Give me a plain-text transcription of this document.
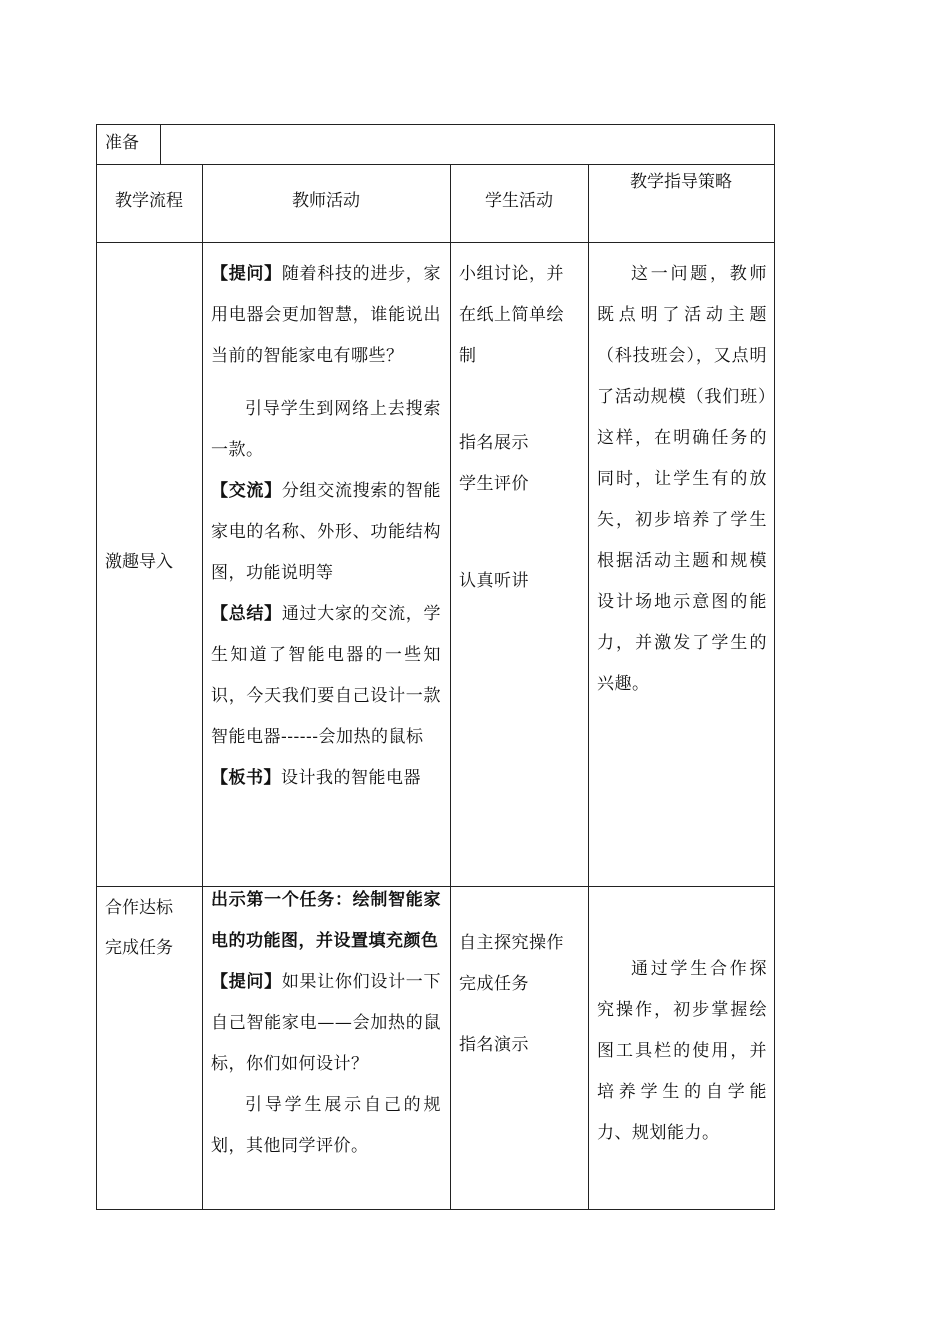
准备
教学流程	教师活动	学生活动
教学指导策略
激趣导入

【提问】随着科技的进步，家用电器会更加智慧，谁能说出当前的智能家电有哪些？

引导学生到网络上去搜索一款。

【交流】分组交流搜索的智能家电的名称、外形、功能结构图，功能说明等

【总结】通过大家的交流，学生知道了智能电器的一些知识，今天我们要自己设计一款智能电器------会加热的鼠标

【板书】设计我的智能电器

小组讨论，并在纸上简单绘制
指名展示
学生评价
认真听讲
这一问题，教师既点明了活动主题（科技班会），又点明了活动规模（我们班）这样，在明确任务的同时，让学生有的放矢，初步培养了学生根据活动主题和规模设计场地示意图的能力，并激发了学生的兴趣。
合作达标
完成任务

出示第一个任务：绘制智能家电的功能图，并设置填充颜色

【提问】如果让你们设计一下自己智能家电——会加热的鼠标，你们如何设计？

引导学生展示自己的规划，其他同学评价。

自主探究操作完成任务
指名演示
通过学生合作探究操作，初步掌握绘图工具栏的使用，并培养学生的自学能力、规划能力。
